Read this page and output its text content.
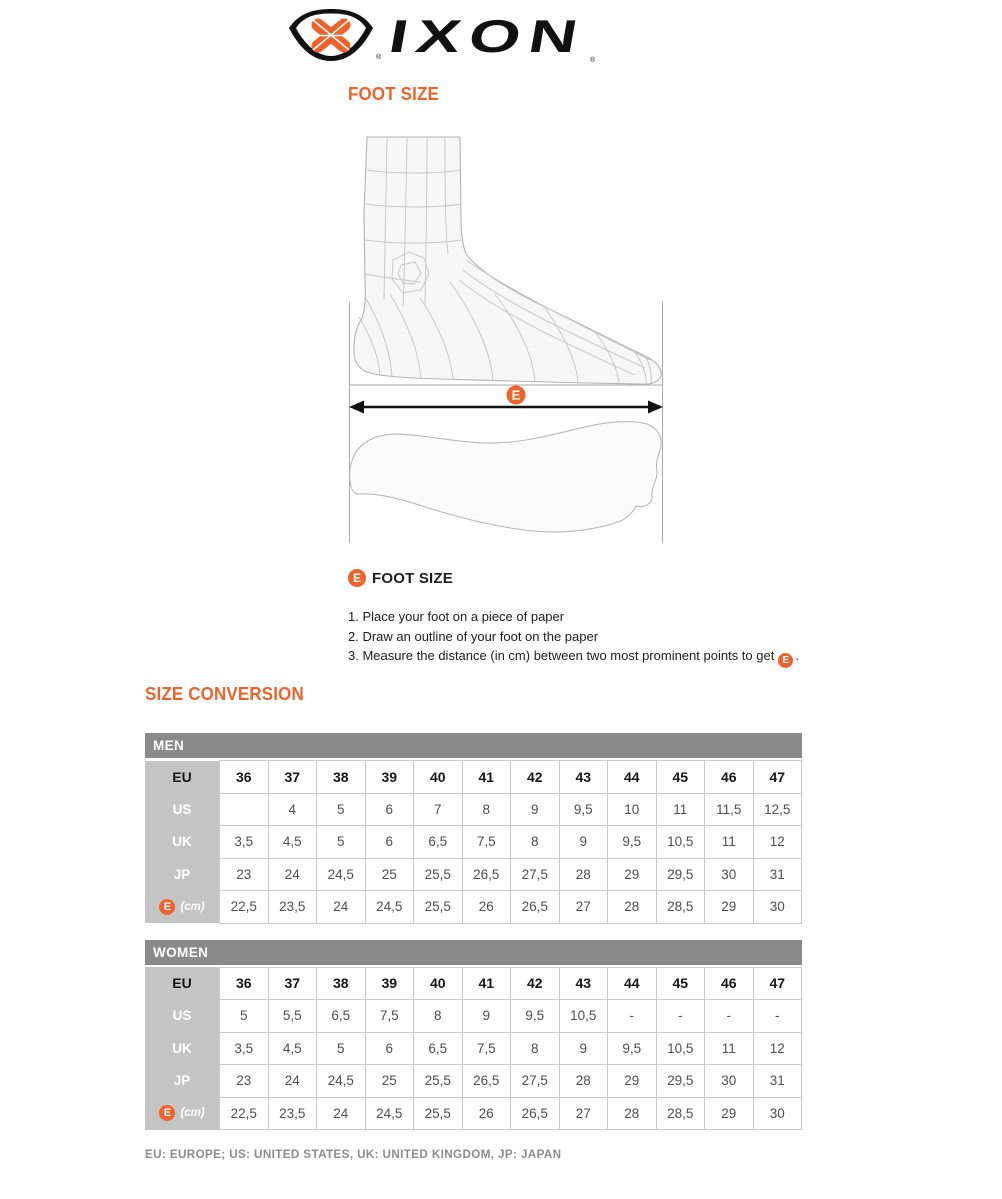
® IXON	®
FOOT SIZE
E
E FOOT SIZE
1. Place your foot on a piece of paper
2. Draw an outline of your foot on the paper
3. Measure the distance (in cm) between two most prominent points to get E .
SIZE CONVERSION
MEN
EU	36	37	38	39	40	41	42	43	44	45	46	47
US		4	5	6	7	8	9	9,5	10	11	11,5	12,5
UK	3,5	4,5	5	6	6,5	7,5	8	9	9,5	10,5	11	12
JP	23	24	24,5	25	25,5	26,5	27,5	28	29	29,5	30	31

E (cm)	22,5	23,5	24	24,5	25,5	26	26,5	27	28	28,5	29	30
WOMEN
EU	36	37	38	39	40	41	42	43	44	45	46	47
US	5	5,5	6,5	7,5	8	9	9,5	10,5	-	-	-	-
UK	3,5	4,5	5	6	6,5	7,5	8	9	9,5	10,5	11	12
JP	23	24	24,5	25	25,5	26,5	27,5	28	29	29,5	30	31

E (cm)	22,5	23,5	24	24,5	25,5	26	26,5	27	28	28,5	29	30
EU: EUROPE; US: UNITED STATES, UK: UNITED KINGDOM, JP: JAPAN
